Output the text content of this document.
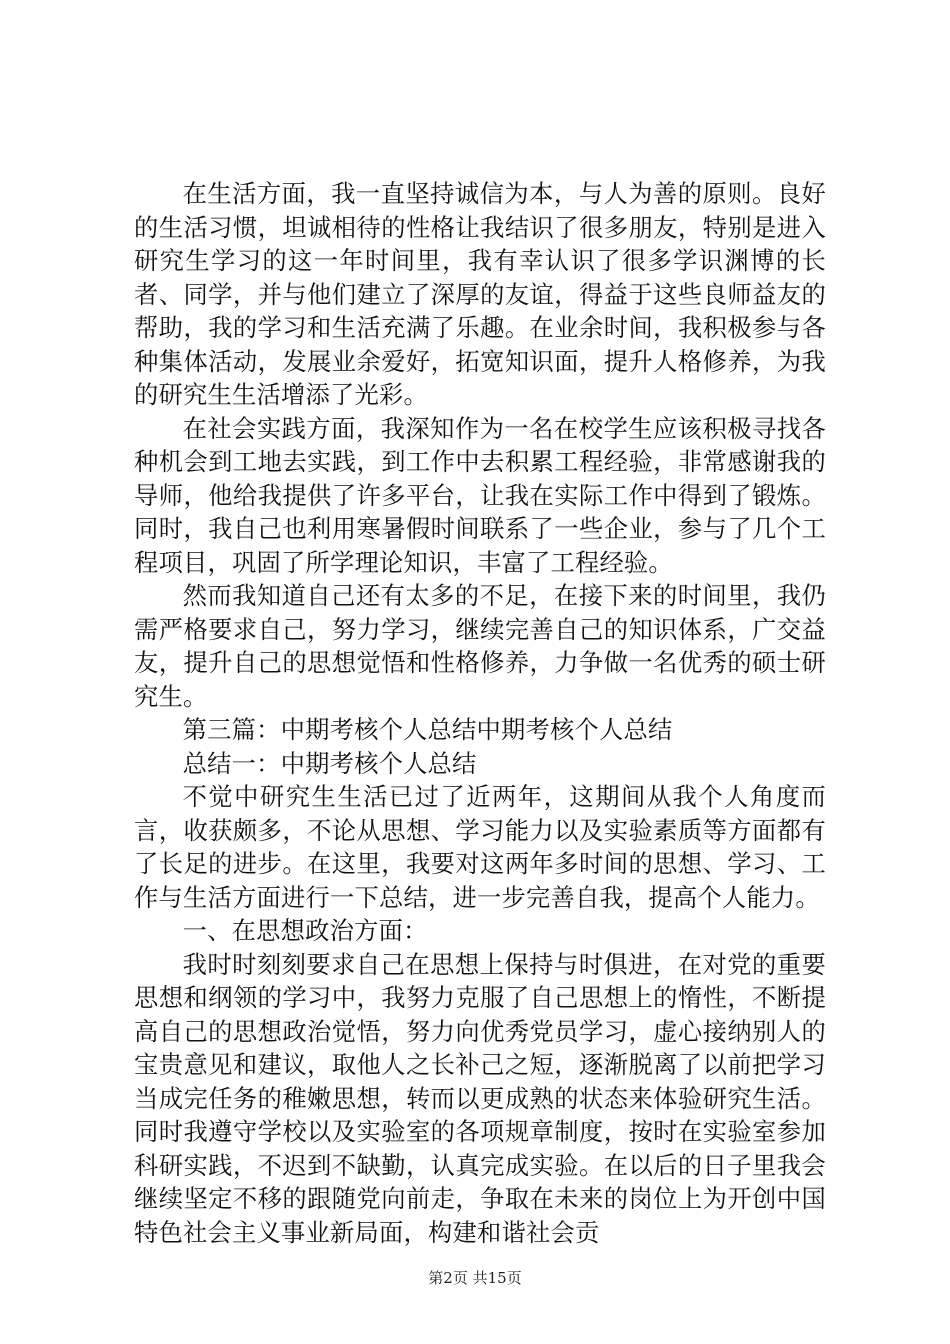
在生活方面，我一直坚持诚信为本，与人为善的原则。良好的生活习惯，坦诚相待的性格让我结识了很多朋友，特别是进入研究生学习的这一年时间里，我有幸认识了很多学识渊博的长者、同学，并与他们建立了深厚的友谊，得益于这些良师益友的帮助，我的学习和生活充满了乐趣。在业余时间，我积极参与各种集体活动，发展业余爱好，拓宽知识面，提升人格修养，为我的研究生生活增添了光彩。

在社会实践方面，我深知作为一名在校学生应该积极寻找各种机会到工地去实践，到工作中去积累工程经验，非常感谢我的导师，他给我提供了许多平台，让我在实际工作中得到了锻炼。同时，我自己也利用寒暑假时间联系了一些企业，参与了几个工程项目，巩固了所学理论知识，丰富了工程经验。

然而我知道自己还有太多的不足，在接下来的时间里，我仍需严格要求自己，努力学习，继续完善自己的知识体系，广交益友，提升自己的思想觉悟和性格修养，力争做一名优秀的硕士研究生。

第三篇：中期考核个人总结中期考核个人总结

总结一：中期考核个人总结

不觉中研究生生活已过了近两年，这期间从我个人角度而言，收获颇多，不论从思想、学习能力以及实验素质等方面都有了长足的进步。在这里，我要对这两年多时间的思想、学习、工作与生活方面进行一下总结，进一步完善自我，提高个人能力。

一、在思想政治方面：

我时时刻刻要求自己在思想上保持与时俱进，在对党的重要思想和纲领的学习中，我努力克服了自己思想上的惰性，不断提高自己的思想政治觉悟，努力向优秀党员学习，虚心接纳别人的宝贵意见和建议，取他人之长补己之短，逐渐脱离了以前把学习当成完任务的稚嫩思想，转而以更成熟的状态来体验研究生活。同时我遵守学校以及实验室的各项规章制度，按时在实验室参加科研实践，不迟到不缺勤，认真完成实验。在以后的日子里我会继续坚定不移的跟随党向前走，争取在未来的岗位上为开创中国特色社会主义事业新局面，构建和谐社会贡

第2页 共15页
